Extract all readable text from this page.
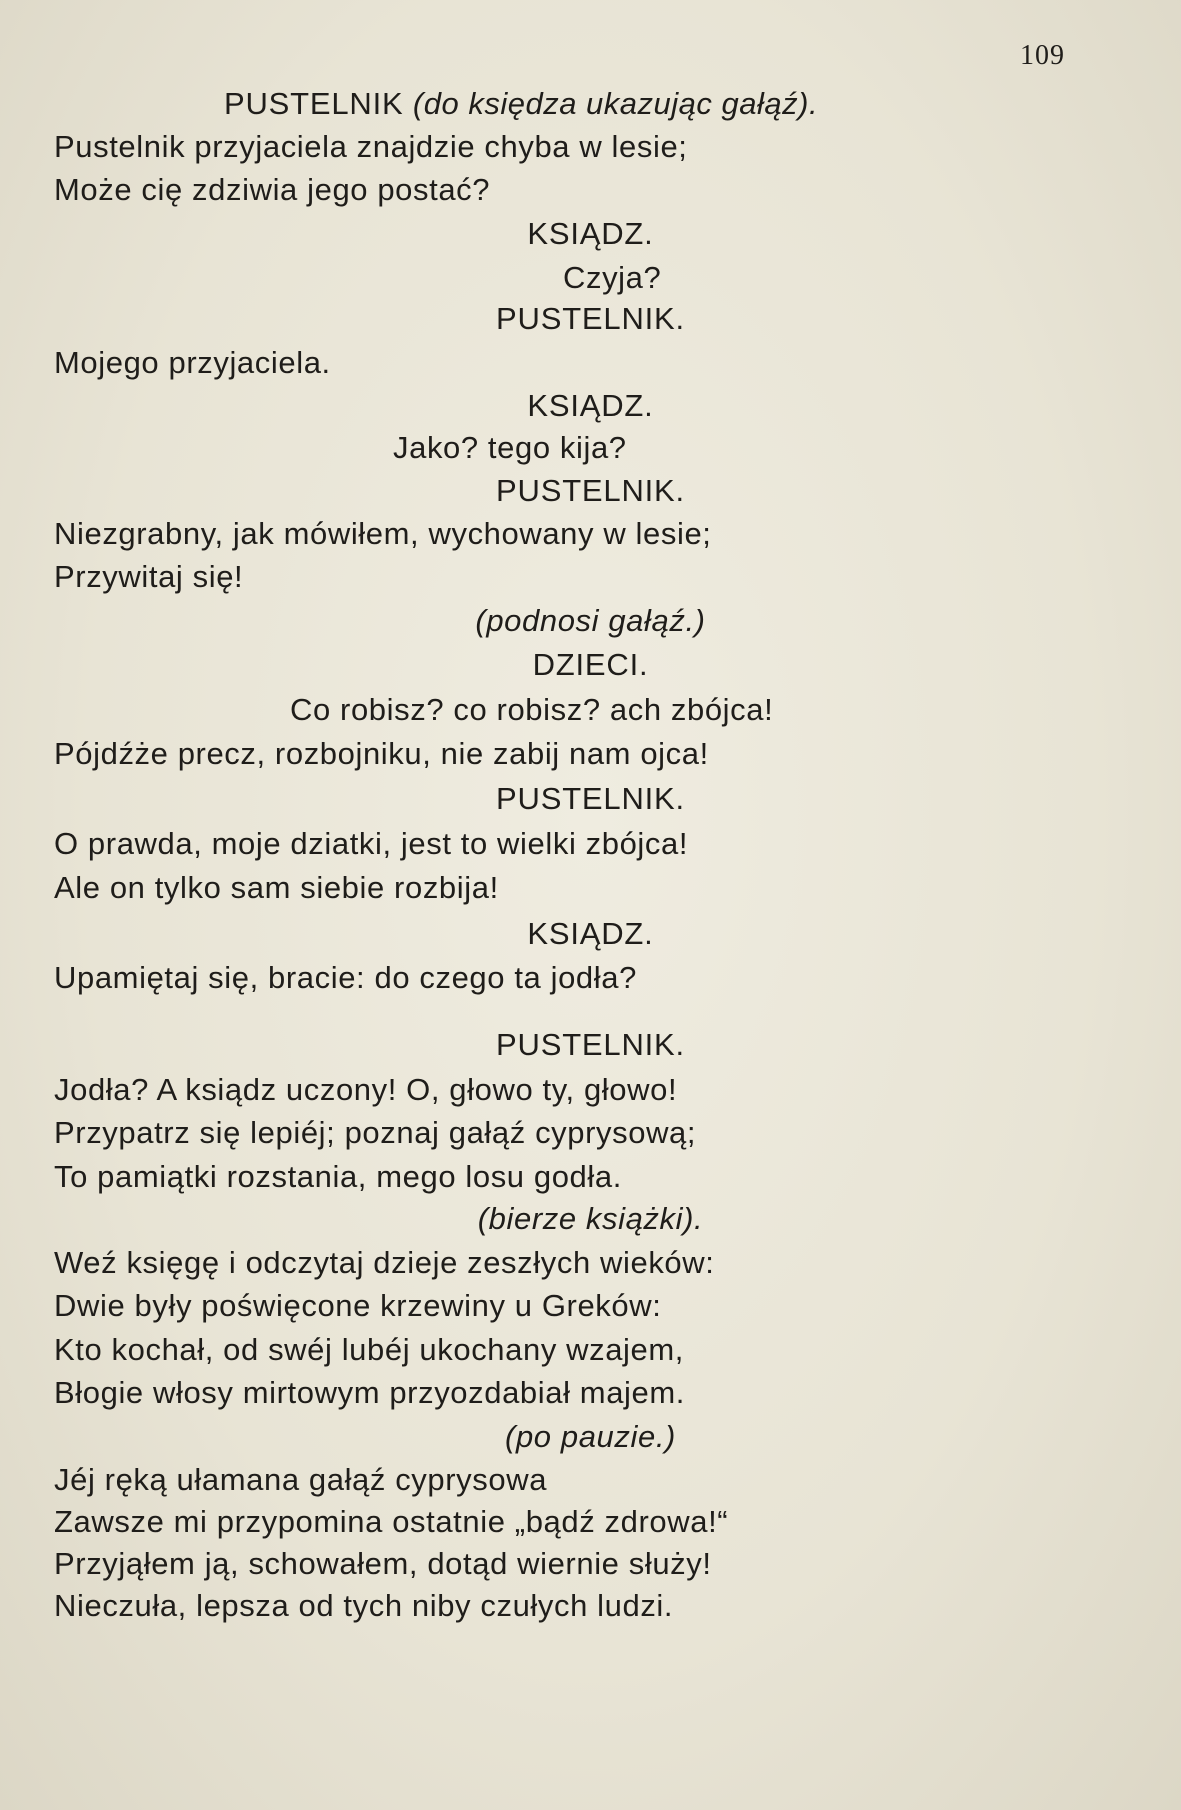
109
PUSTELNIK (do księdza ukazując gałąź).
Pustelnik przyjaciela znajdzie chyba w lesie;
Może cię zdziwia jego postać?
KSIĄDZ.
Czyja?
PUSTELNIK.
Mojego przyjaciela.
KSIĄDZ.
Jako? tego kija?
PUSTELNIK.
Niezgrabny, jak mówiłem, wychowany w lesie;
Przywitaj się!
(podnosi gałąź.)
DZIECI.
Co robisz? co robisz? ach zbójca!
Pójdźże precz, rozbojniku, nie zabij nam ojca!
PUSTELNIK.
O prawda, moje dziatki, jest to wielki zbójca!
Ale on tylko sam siebie rozbija!
KSIĄDZ.
Upamiętaj się, bracie: do czego ta jodła?
PUSTELNIK.
Jodła? A ksiądz uczony! O, głowo ty, głowo!
Przypatrz się lepiéj; poznaj gałąź cyprysową;
To pamiątki rozstania, mego losu godła.
(bierze książki).
Weź księgę i odczytaj dzieje zeszłych wieków:
Dwie były poświęcone krzewiny u Greków:
Kto kochał, od swéj lubéj ukochany wzajem,
Błogie włosy mirtowym przyozdabiał majem.
(po pauzie.)
Jéj ręką ułamana gałąź cyprysowa
Zawsze mi przypomina ostatnie „bądź zdrowa!“
Przyjąłem ją, schowałem, dotąd wiernie służy!
Nieczuła, lepsza od tych niby czułych ludzi.
